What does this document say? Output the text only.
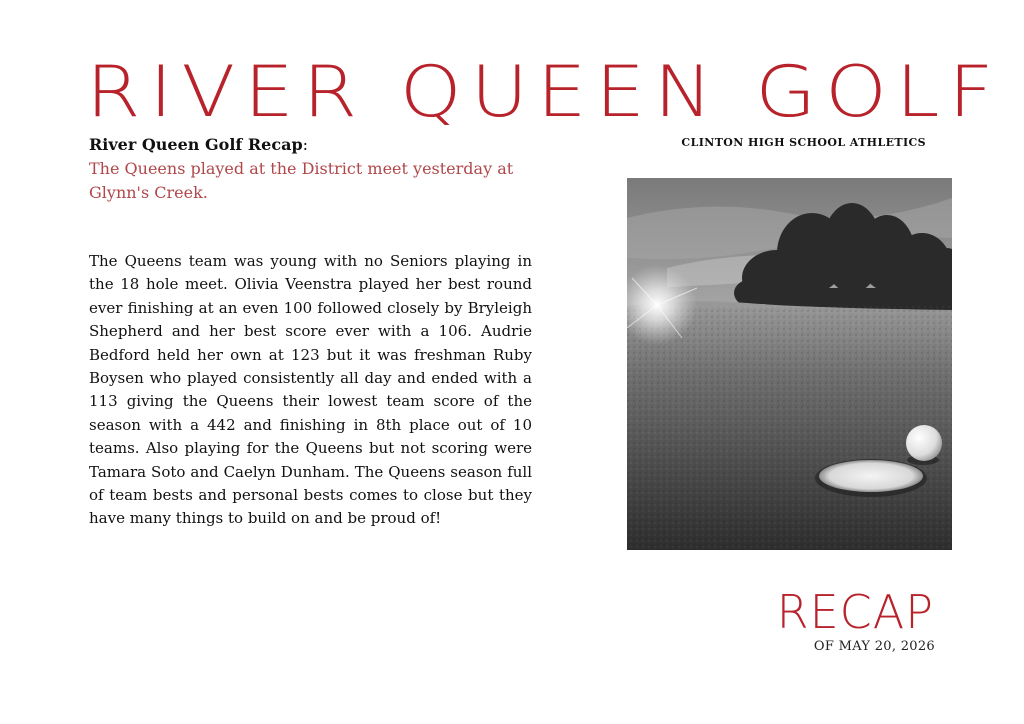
RIVER QUEEN GOLF
CLINTON HIGH SCHOOL ATHLETICS
River Queen Golf Recap:
The Queens played at the District meet yesterday at Glynn's Creek.
The Queens team was young with no Seniors playing in the 18 hole meet. Olivia Veenstra played her best round ever finishing at an even 100 followed closely by Bryleigh Shepherd and her best score ever with a 106. Audrie Bedford held her own at 123 but it was freshman Ruby Boysen who played consistently all day and ended with a 113 giving the Queens their lowest team score of the season with a 442 and finishing in 8th place out of 10 teams. Also playing for the Queens but not scoring were Tamara Soto and Caelyn Dunham. The Queens season full of team bests and personal bests comes to close but they have many things to build on and be proud of!
RECAP
OF MAY 20, 2026
